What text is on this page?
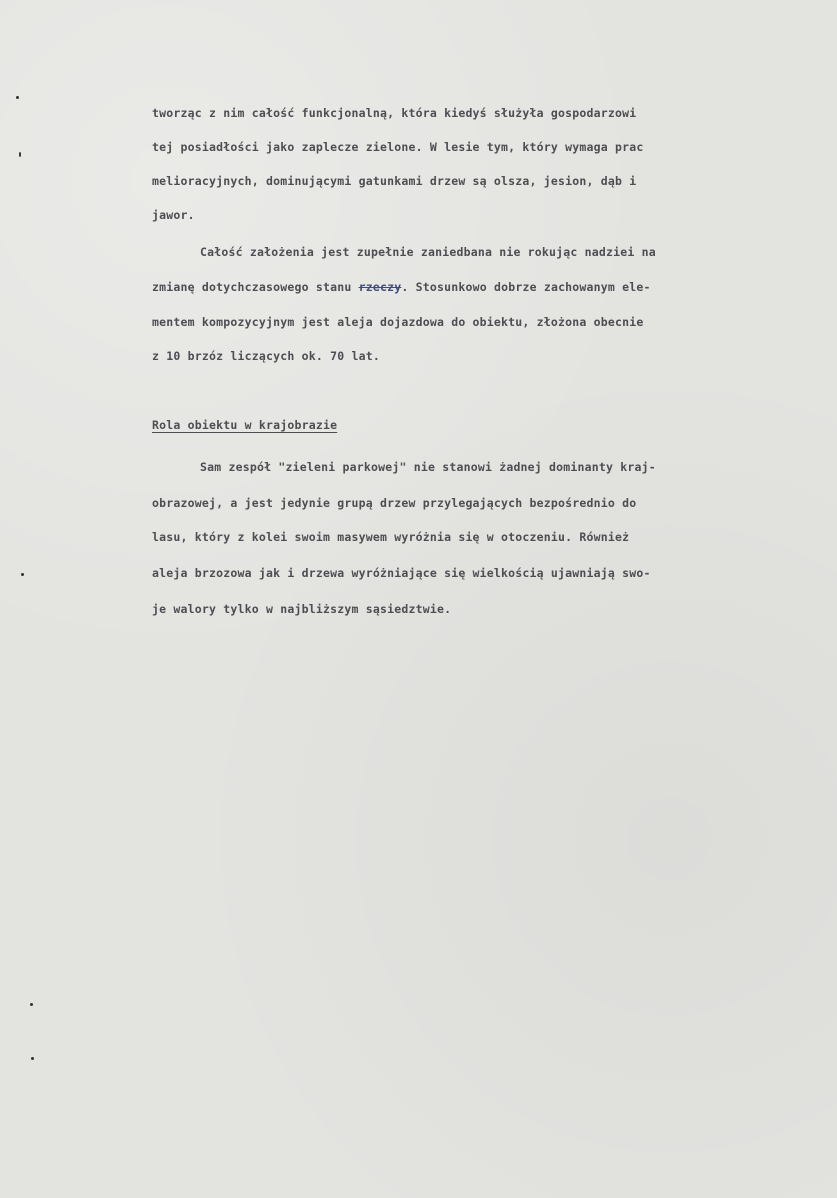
tworząc z nim całość funkcjonalną, która kiedyś służyła gospodarzowi
tej posiadłości jako zaplecze zielone. W lesie tym, który wymaga prac
melioracyjnych, dominującymi gatunkami drzew są olsza, jesion, dąb i
jawor.
Całość założenia jest zupełnie zaniedbana nie rokując nadziei na
zmianę dotychczasowego stanu rzeczy. Stosunkowo dobrze zachowanym ele-
mentem kompozycyjnym jest aleja dojazdowa do obiektu, złożona obecnie
z 10 brzóz liczących ok. 70 lat.
Rola obiektu w krajobrazie
Sam zespół "zieleni parkowej" nie stanowi żadnej dominanty kraj-
obrazowej, a jest jedynie grupą drzew przylegających bezpośrednio do
lasu, który z kolei swoim masywem wyróżnia się w otoczeniu. Również
aleja brzozowa jak i drzewa wyróżniające się wielkością ujawniają swo-
je walory tylko w najbliższym sąsiedztwie.
